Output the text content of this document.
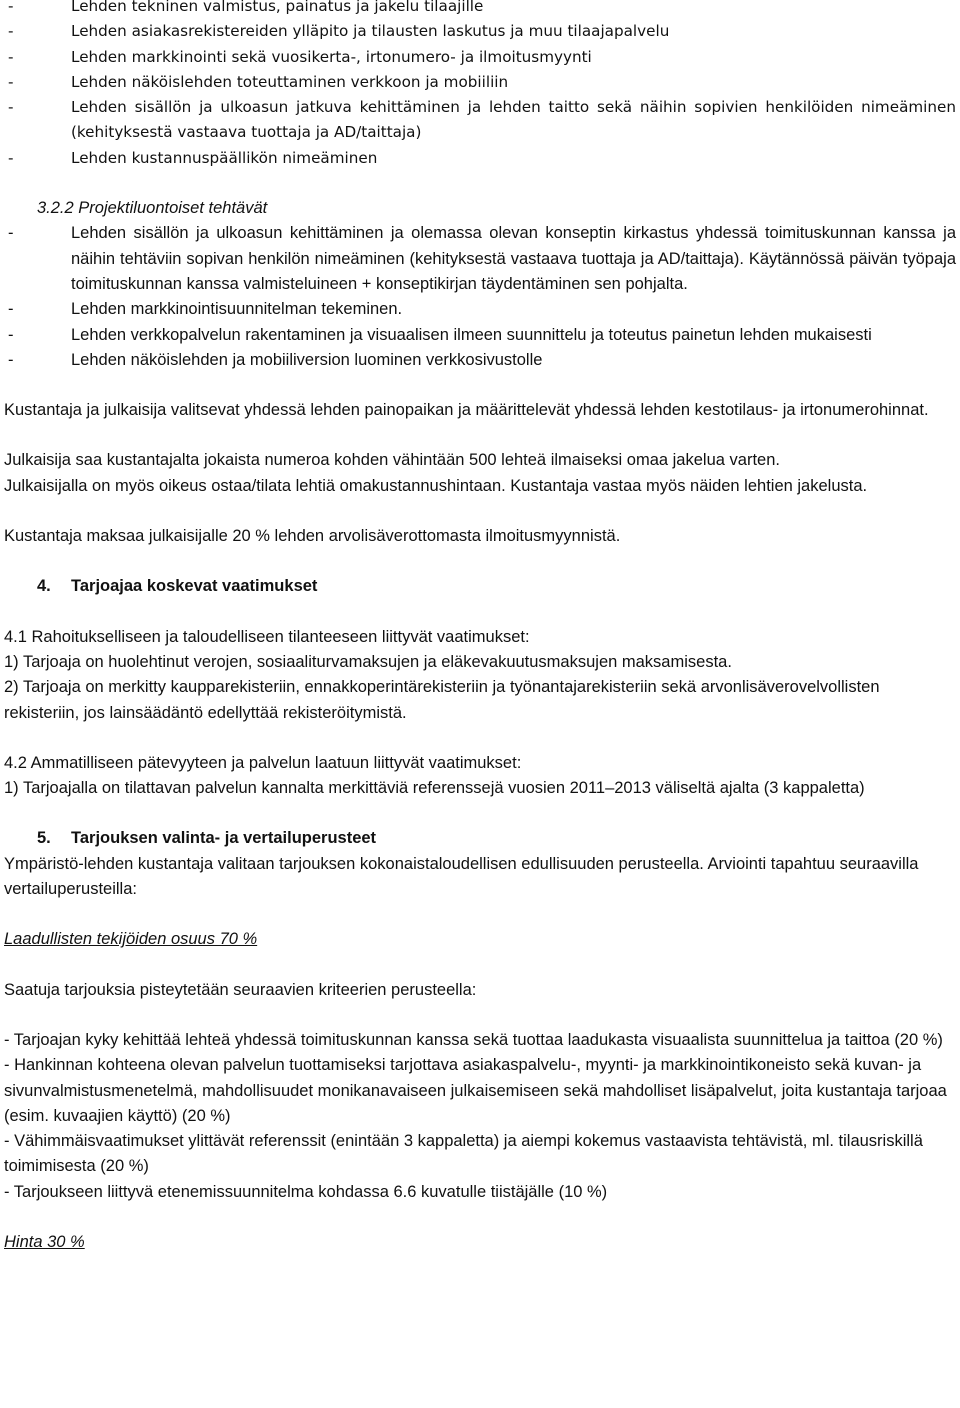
- Lehden tekninen valmistus, painatus ja jakelu tilaajille
- Lehden asiakasrekistereiden ylläpito ja tilausten laskutus ja muu tilaajapalvelu
- Lehden markkinointi sekä vuosikerta-, irtonumero- ja ilmoitusmyynti
- Lehden näköislehden toteuttaminen verkkoon ja mobiiliin
- Lehden sisällön ja ulkoasun jatkuva kehittäminen ja lehden taitto sekä näihin sopivien henkilöiden nimeäminen (kehityksestä vastaava tuottaja ja AD/taittaja)
- Lehden kustannuspäällikön nimeäminen

3.2.2 Projektiluontoiset tehtävät

- Lehden sisällön ja ulkoasun kehittäminen ja olemassa olevan konseptin kirkastus yhdessä toimituskunnan kanssa ja näihin tehtäviin sopivan henkilön nimeäminen (kehityksestä vastaava tuottaja ja AD/taittaja). Käytännössä päivän työpaja toimituskunnan kanssa valmisteluineen + konseptikirjan täydentäminen sen pohjalta.
- Lehden markkinointisuunnitelman tekeminen.
- Lehden verkkopalvelun rakentaminen ja visuaalisen ilmeen suunnittelu ja toteutus painetun lehden mukaisesti
- Lehden näköislehden ja mobiiliversion luominen verkkosivustolle

Kustantaja ja julkaisija valitsevat yhdessä lehden painopaikan ja määrittelevät yhdessä lehden kestotilaus- ja irtonumerohinnat.

Julkaisija saa kustantajalta jokaista numeroa kohden vähintään 500 lehteä ilmaiseksi omaa jakelua varten.

Julkaisijalla on myös oikeus ostaa/tilata lehtiä omakustannushintaan. Kustantaja vastaa myös näiden lehtien jakelusta.

Kustantaja maksaa julkaisijalle 20 % lehden arvolisäverottomasta ilmoitusmyynnistä.

4. Tarjoajaa koskevat vaatimukset

4.1 Rahoitukselliseen ja taloudelliseen tilanteeseen liittyvät vaatimukset:

1) Tarjoaja on huolehtinut verojen, sosiaaliturvamaksujen ja eläkevakuutusmaksujen maksamisesta.

2) Tarjoaja on merkitty kaupparekisteriin, ennakkoperintärekisteriin ja työnantajarekisteriin sekä arvonlisäverovelvollisten rekisteriin, jos lainsäädäntö edellyttää rekisteröitymistä.

4.2 Ammatilliseen pätevyyteen ja palvelun laatuun liittyvät vaatimukset:

1) Tarjoajalla on tilattavan palvelun kannalta merkittäviä referenssejä vuosien 2011–2013 väliseltä ajalta (3 kappaletta)

5. Tarjouksen valinta- ja vertailuperusteet

Ympäristö-lehden kustantaja valitaan tarjouksen kokonaistaloudellisen edullisuuden perusteella. Arviointi tapahtuu seuraavilla vertailuperusteilla:

Laadullisten tekijöiden osuus 70 %

Saatuja tarjouksia pisteytetään seuraavien kriteerien perusteella:

- Tarjoajan kyky kehittää lehteä yhdessä toimituskunnan kanssa sekä tuottaa laadukasta visuaalista suunnittelua ja taittoa (20 %)

- Hankinnan kohteena olevan palvelun tuottamiseksi tarjottava asiakaspalvelu-, myynti- ja markkinointikoneisto sekä kuvan- ja sivunvalmistusmenetelmä, mahdollisuudet monikanavaiseen julkaisemiseen sekä mahdolliset lisäpalvelut, joita kustantaja tarjoaa (esim. kuvaajien käyttö) (20 %)

- Vähimmäisvaatimukset ylittävät referenssit (enintään 3 kappaletta) ja aiempi kokemus vastaavista tehtävistä, ml. tilausriskillä toimimisesta (20 %)

- Tarjoukseen liittyvä etenemissuunnitelma kohdassa 6.6 kuvatulle tiistäjälle (10 %)

Hinta 30 %
